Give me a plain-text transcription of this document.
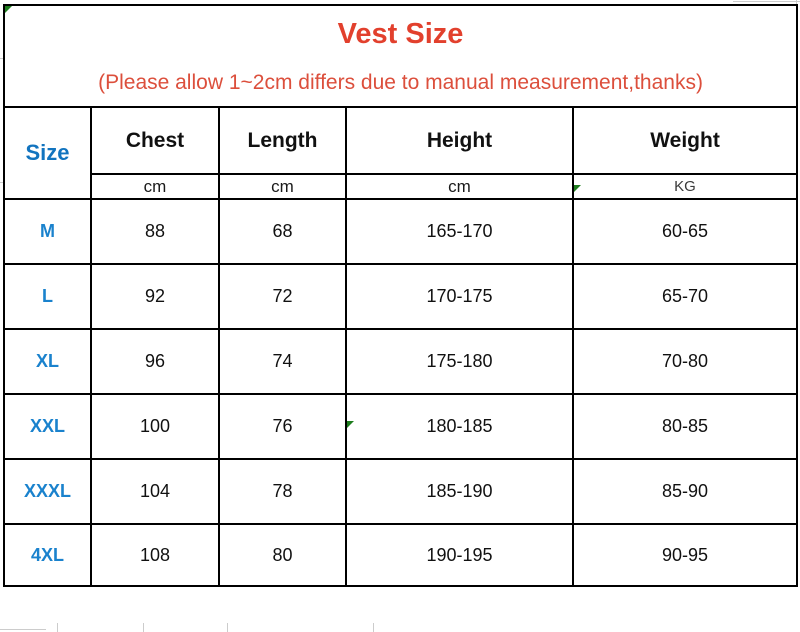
Vest Size
(Please allow 1~2cm differs due to manual measurement,thanks)				

Size	Chest	Length	Height	Weight
	cm	cm	cm	KG
M	88	68	165-170	60-65
L	92	72	170-175	65-70
XL	96	74	175-180	70-80
XXL	100	76	180-185	80-85
XXXL	104	78	185-190	85-90
4XL	108	80	190-195	90-95
